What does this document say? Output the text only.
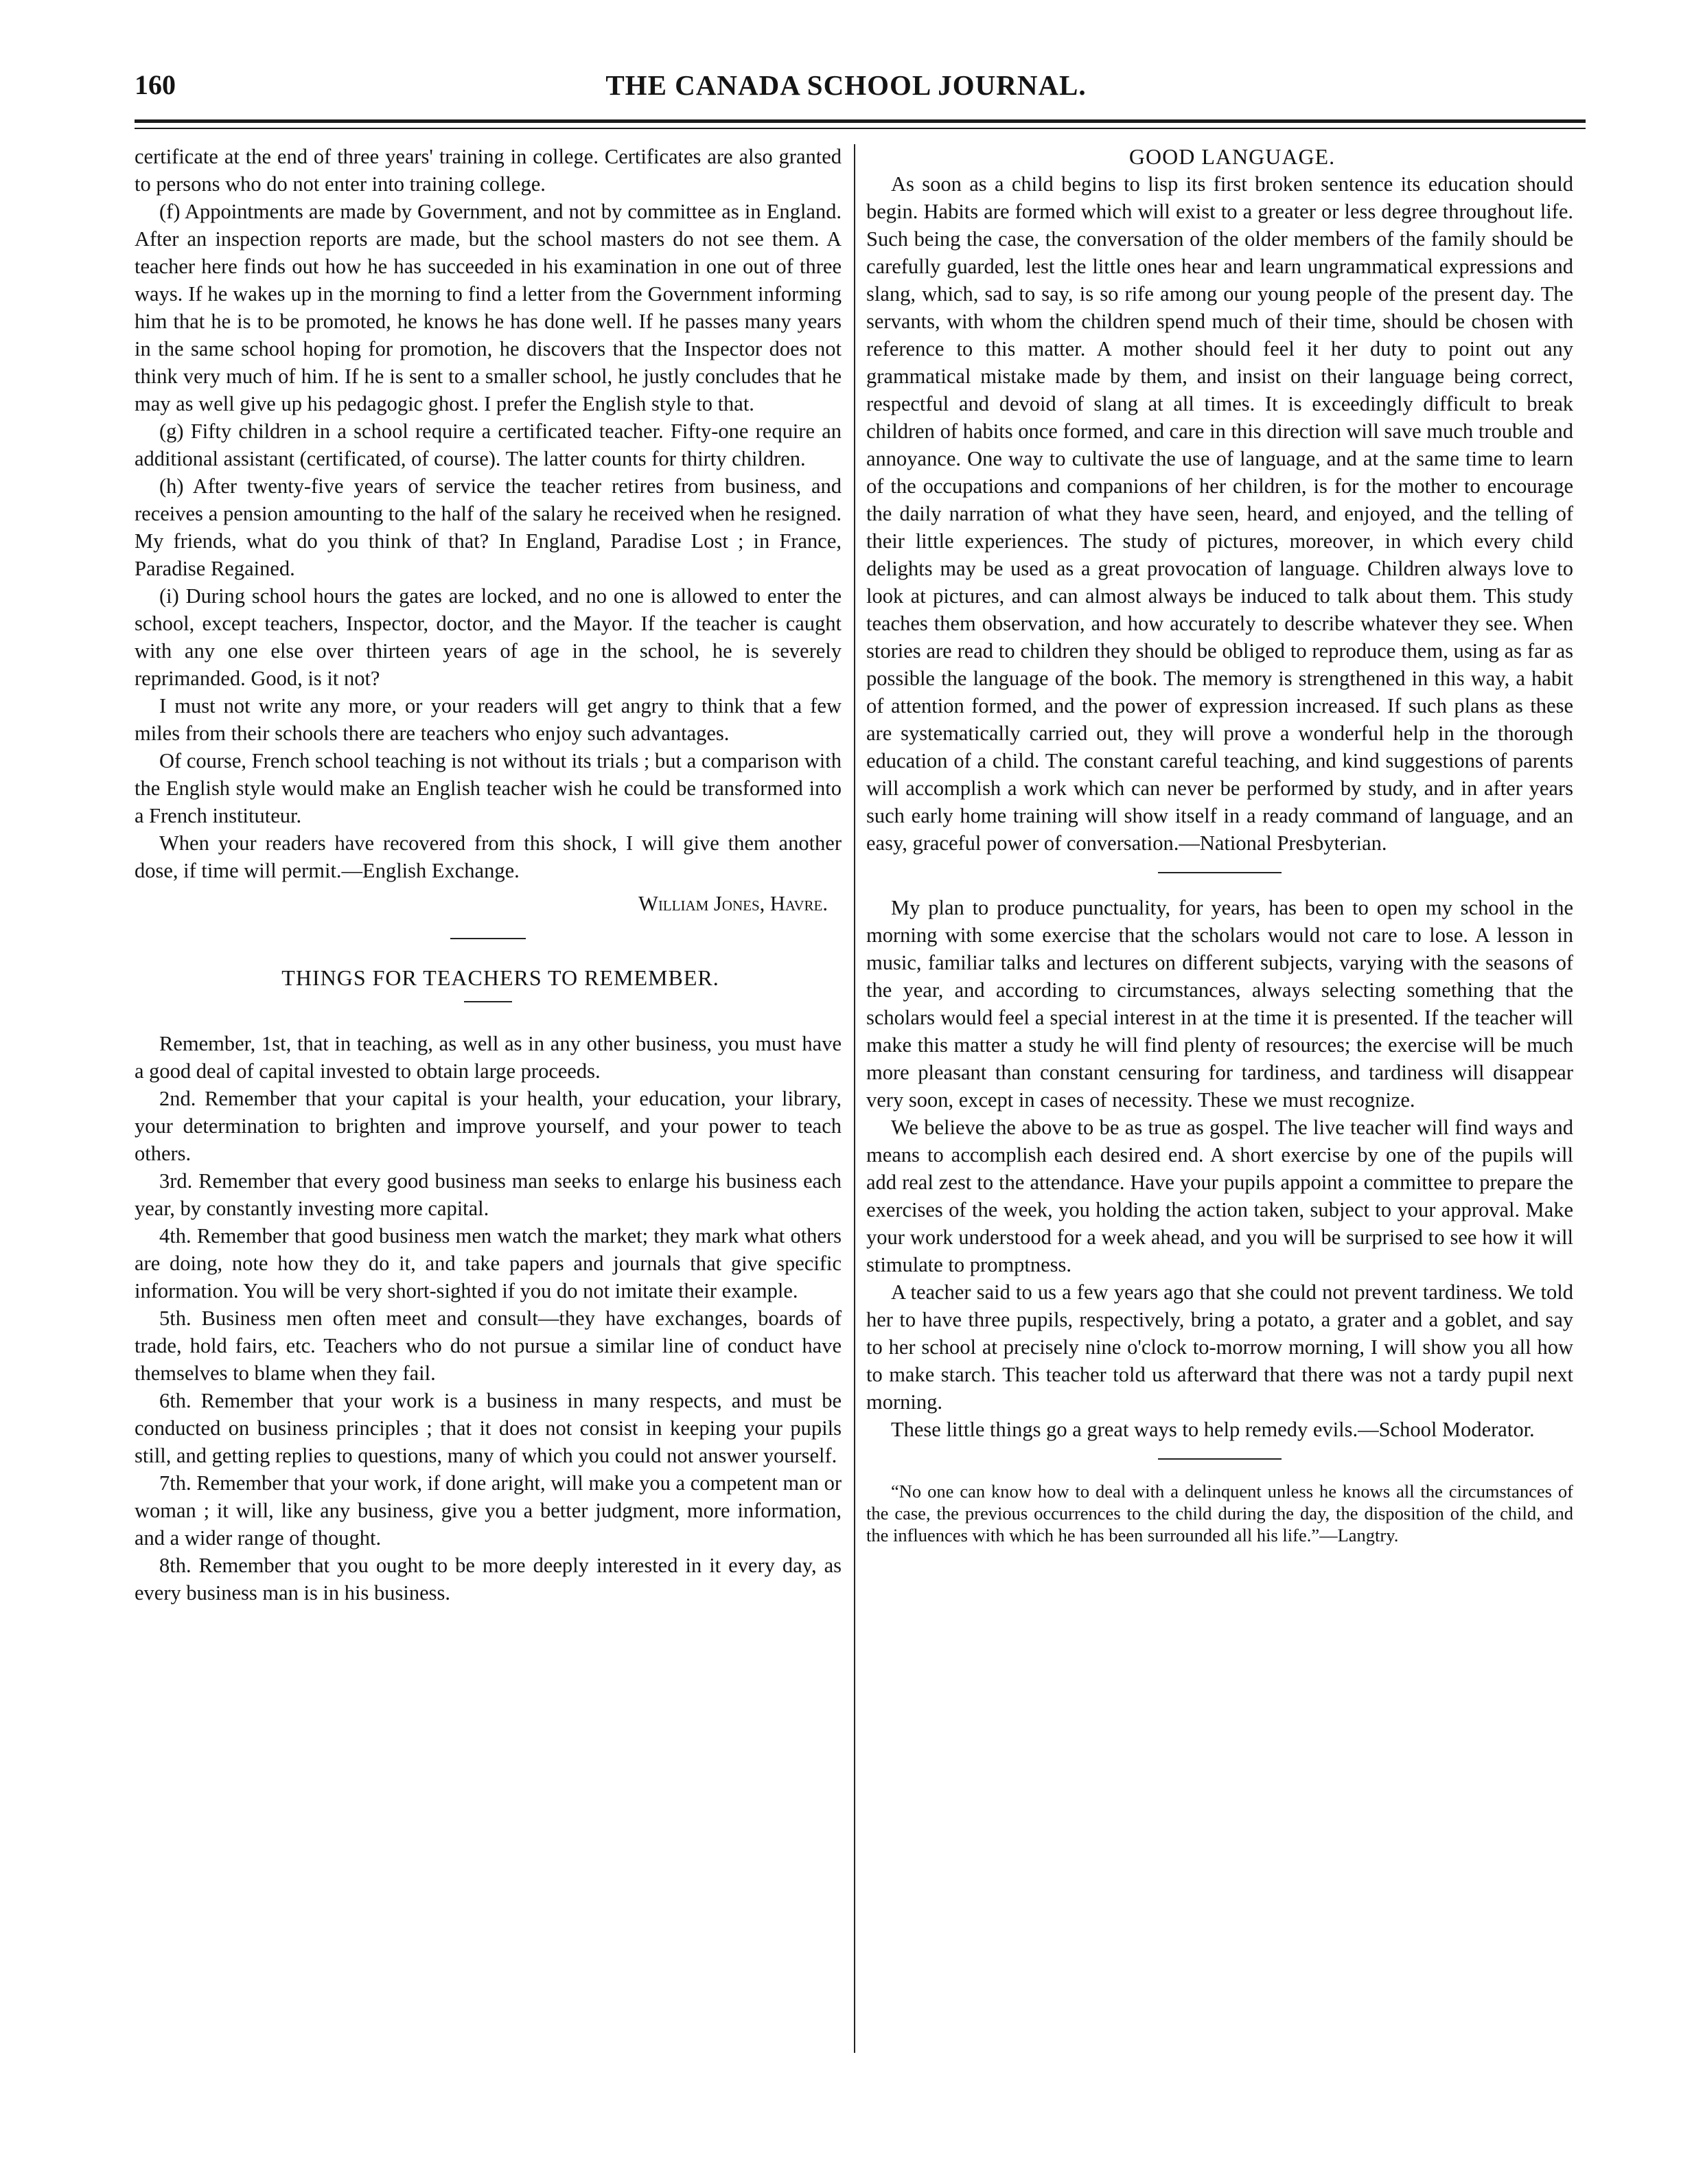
160	THE CANADA SCHOOL JOURNAL.

certificate at the end of three years' training in college. Certificates are also granted to persons who do not enter into training college.

(f) Appointments are made by Government, and not by committee as in England. After an inspection reports are made, but the school masters do not see them. A teacher here finds out how he has succeeded in his examination in one out of three ways. If he wakes up in the morning to find a letter from the Government informing him that he is to be promoted, he knows he has done well. If he passes many years in the same school hoping for promotion, he discovers that the Inspector does not think very much of him. If he is sent to a smaller school, he justly concludes that he may as well give up his pedagogic ghost. I prefer the English style to that.

(g) Fifty children in a school require a certificated teacher. Fifty-one require an additional assistant (certificated, of course). The latter counts for thirty children.

(h) After twenty-five years of service the teacher retires from business, and receives a pension amounting to the half of the salary he received when he resigned. My friends, what do you think of that? In England, Paradise Lost ; in France, Paradise Regained.

(i) During school hours the gates are locked, and no one is allowed to enter the school, except teachers, Inspector, doctor, and the Mayor. If the teacher is caught with any one else over thirteen years of age in the school, he is severely reprimanded. Good, is it not?

I must not write any more, or your readers will get angry to think that a few miles from their schools there are teachers who enjoy such advantages.

Of course, French school teaching is not without its trials ; but a comparison with the English style would make an English teacher wish he could be transformed into a French instituteur.

When your readers have recovered from this shock, I will give them another dose, if time will permit.—English Exchange.

William Jones, Havre.

THINGS FOR TEACHERS TO REMEMBER.

Remember, 1st, that in teaching, as well as in any other business, you must have a good deal of capital invested to obtain large proceeds.

2nd. Remember that your capital is your health, your education, your library, your determination to brighten and improve yourself, and your power to teach others.

3rd. Remember that every good business man seeks to enlarge his business each year, by constantly investing more capital.

4th. Remember that good business men watch the market; they mark what others are doing, note how they do it, and take papers and journals that give specific information. You will be very short-sighted if you do not imitate their example.

5th. Business men often meet and consult—they have exchanges, boards of trade, hold fairs, etc. Teachers who do not pursue a similar line of conduct have themselves to blame when they fail.

6th. Remember that your work is a business in many respects, and must be conducted on business principles ; that it does not consist in keeping your pupils still, and getting replies to questions, many of which you could not answer yourself.

7th. Remember that your work, if done aright, will make you a competent man or woman ; it will, like any business, give you a better judgment, more information, and a wider range of thought.

8th. Remember that you ought to be more deeply interested in it every day, as every business man is in his business.

GOOD LANGUAGE.

As soon as a child begins to lisp its first broken sentence its education should begin. Habits are formed which will exist to a greater or less degree throughout life. Such being the case, the conversation of the older members of the family should be carefully guarded, lest the little ones hear and learn ungrammatical expressions and slang, which, sad to say, is so rife among our young people of the present day. The servants, with whom the children spend much of their time, should be chosen with reference to this matter. A mother should feel it her duty to point out any grammatical mistake made by them, and insist on their language being correct, respectful and devoid of slang at all times. It is exceedingly difficult to break children of habits once formed, and care in this direction will save much trouble and annoyance. One way to cultivate the use of language, and at the same time to learn of the occupations and companions of her children, is for the mother to encourage the daily narration of what they have seen, heard, and enjoyed, and the telling of their little experiences. The study of pictures, moreover, in which every child delights may be used as a great provocation of language. Children always love to look at pictures, and can almost always be induced to talk about them. This study teaches them observation, and how accurately to describe whatever they see. When stories are read to children they should be obliged to reproduce them, using as far as possible the language of the book. The memory is strengthened in this way, a habit of attention formed, and the power of expression increased. If such plans as these are systematically carried out, they will prove a wonderful help in the thorough education of a child. The constant careful teaching, and kind suggestions of parents will accomplish a work which can never be performed by study, and in after years such early home training will show itself in a ready command of language, and an easy, graceful power of conversation.—National Presbyterian.

My plan to produce punctuality, for years, has been to open my school in the morning with some exercise that the scholars would not care to lose. A lesson in music, familiar talks and lectures on different subjects, varying with the seasons of the year, and according to circumstances, always selecting something that the scholars would feel a special interest in at the time it is presented. If the teacher will make this matter a study he will find plenty of resources; the exercise will be much more pleasant than constant censuring for tardiness, and tardiness will disappear very soon, except in cases of necessity. These we must recognize.

We believe the above to be as true as gospel. The live teacher will find ways and means to accomplish each desired end. A short exercise by one of the pupils will add real zest to the attendance. Have your pupils appoint a committee to prepare the exercises of the week, you holding the action taken, subject to your approval. Make your work understood for a week ahead, and you will be surprised to see how it will stimulate to promptness.

A teacher said to us a few years ago that she could not prevent tardiness. We told her to have three pupils, respectively, bring a potato, a grater and a goblet, and say to her school at precisely nine o'clock to-morrow morning, I will show you all how to make starch. This teacher told us afterward that there was not a tardy pupil next morning.

These little things go a great ways to help remedy evils.—School Moderator.

“No one can know how to deal with a delinquent unless he knows all the circumstances of the case, the previous occurrences to the child during the day, the disposition of the child, and the influences with which he has been surrounded all his life.”—Langtry.
